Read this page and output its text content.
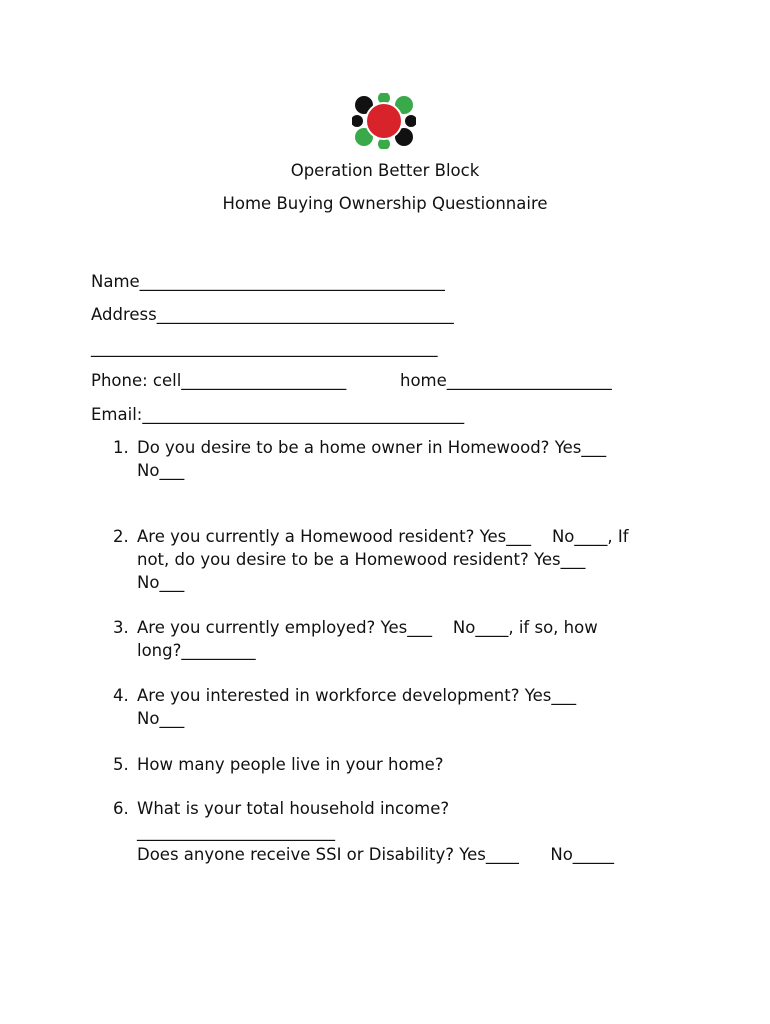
Operation Better Block
Home Buying Ownership Questionnaire
Name_____________________________________
Address____________________________________
__________________________________________
Phone: cell____________________	home____________________
Email:_______________________________________
1. Do you desire to be a home owner in Homewood? Yes___
No___
2. Are you currently a Homewood resident? Yes___    No____, If
not, do you desire to be a Homewood resident? Yes___
No___
3. Are you currently employed? Yes___    No____, if so, how
long?_________
4. Are you interested in workforce development? Yes___
No___
5. How many people live in your home?
6. What is your total household income?
________________________
Does anyone receive SSI or Disability? Yes____      No_____
